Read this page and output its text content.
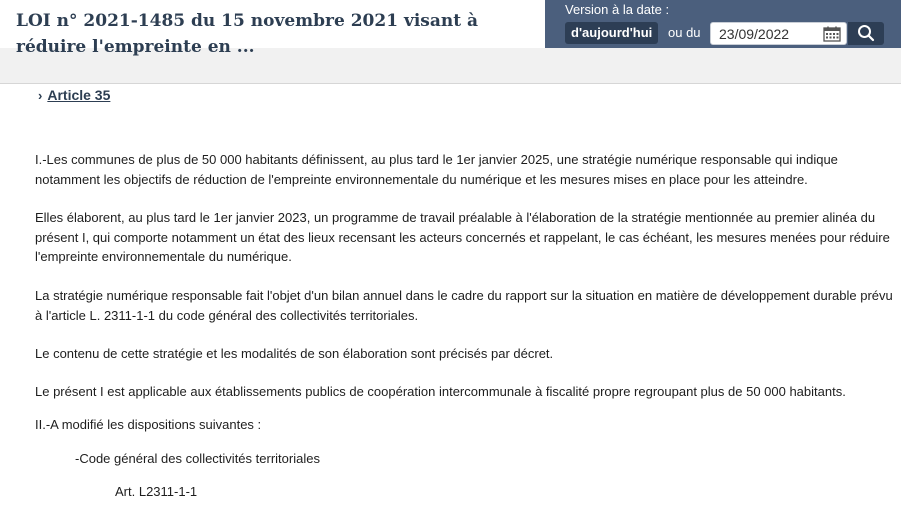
LOI n° 2021-1485 du 15 novembre 2021 visant à réduire l'empreinte en ...
Version à la date :
d'aujourd'hui	ou du
23/09/2022
› Article 35

I.-Les communes de plus de 50 000 habitants définissent, au plus tard le 1er janvier 2025, une stratégie numérique responsable qui indique notamment les objectifs de réduction de l'empreinte environnementale du numérique et les mesures mises en place pour les atteindre.

Elles élaborent, au plus tard le 1er janvier 2023, un programme de travail préalable à l'élaboration de la stratégie mentionnée au premier alinéa du présent I, qui comporte notamment un état des lieux recensant les acteurs concernés et rappelant, le cas échéant, les mesures menées pour réduire l'empreinte environnementale du numérique.

La stratégie numérique responsable fait l'objet d'un bilan annuel dans le cadre du rapport sur la situation en matière de développement durable prévu à l'article L. 2311-1-1 du code général des collectivités territoriales.

Le contenu de cette stratégie et les modalités de son élaboration sont précisés par décret.

Le présent I est applicable aux établissements publics de coopération intercommunale à fiscalité propre regroupant plus de 50 000 habitants.

II.-A modifié les dispositions suivantes :

-Code général des collectivités territoriales

Art. L2311-1-1
